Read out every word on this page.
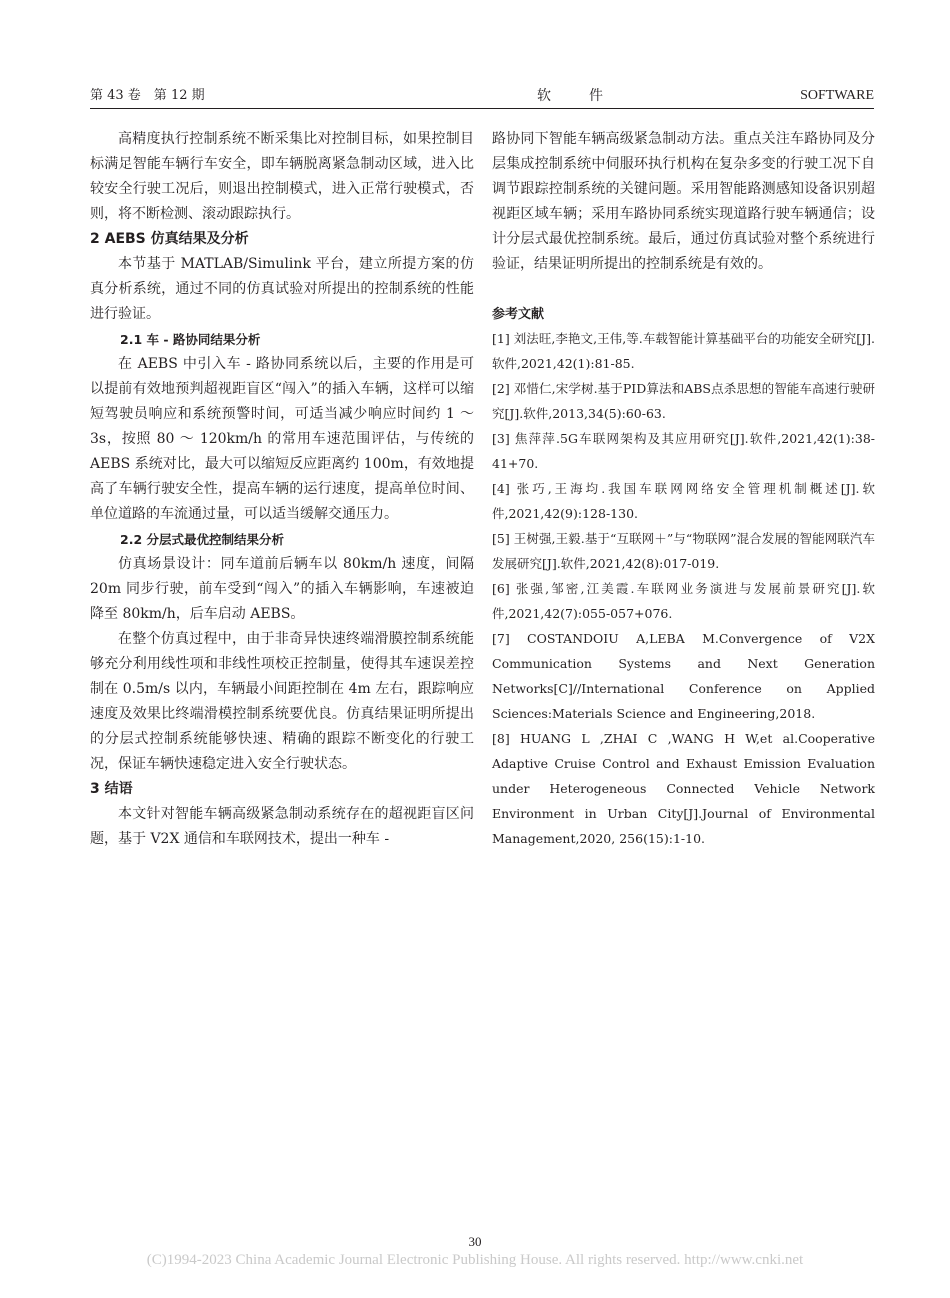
第 43 卷　第 12 期	软件	SOFTWARE

高精度执行控制系统不断采集比对控制目标，如果控制目标满足智能车辆行车安全，即车辆脱离紧急制动区域，进入比较安全行驶工况后，则退出控制模式，进入正常行驶模式，否则，将不断检测、滚动跟踪执行。

2 AEBS 仿真结果及分析

本节基于 MATLAB/Simulink 平台，建立所提方案的仿真分析系统，通过不同的仿真试验对所提出的控制系统的性能进行验证。

2.1 车 - 路协同结果分析

在 AEBS 中引入车 - 路协同系统以后，主要的作用是可以提前有效地预判超视距盲区“闯入”的插入车辆，这样可以缩短驾驶员响应和系统预警时间，可适当减少响应时间约 1 ～ 3s，按照 80 ～ 120km/h 的常用车速范围评估，与传统的 AEBS 系统对比，最大可以缩短反应距离约 100m，有效地提高了车辆行驶安全性，提高车辆的运行速度，提高单位时间、单位道路的车流通过量，可以适当缓解交通压力。

2.2 分层式最优控制结果分析

仿真场景设计：同车道前后辆车以 80km/h 速度，间隔 20m 同步行驶，前车受到“闯入”的插入车辆影响，车速被迫降至 80km/h，后车启动 AEBS。

在整个仿真过程中，由于非奇异快速终端滑膜控制系统能够充分利用线性项和非线性项校正控制量，使得其车速误差控制在 0.5m/s 以内，车辆最小间距控制在 4m 左右，跟踪响应速度及效果比终端滑模控制系统要优良。仿真结果证明所提出的分层式控制系统能够快速、精确的跟踪不断变化的行驶工况，保证车辆快速稳定进入安全行驶状态。

3 结语

本文针对智能车辆高级紧急制动系统存在的超视距盲区问题，基于 V2X 通信和车联网技术，提出一种车 -

路协同下智能车辆高级紧急制动方法。重点关注车路协同及分层集成控制系统中伺服环执行机构在复杂多变的行驶工况下自调节跟踪控制系统的关键问题。采用智能路测感知设备识别超视距区域车辆；采用车路协同系统实现道路行驶车辆通信；设计分层式最优控制系统。最后，通过仿真试验对整个系统进行验证，结果证明所提出的控制系统是有效的。

参考文献

[1] 刘法旺,李艳文,王伟,等.车载智能计算基础平台的功能安全研究[J].软件,2021,42(1):81-85.

[2] 邓惜仁,宋学树.基于PID算法和ABS点杀思想的智能车高速行驶研究[J].软件,2013,34(5):60-63.

[3] 焦萍萍.5G车联网架构及其应用研究[J].软件,2021,42(1):38-41+70.

[4] 张巧,王海均.我国车联网网络安全管理机制概述[J].软件,2021,42(9):128-130.

[5] 王树强,王毅.基于“互联网＋”与“物联网”混合发展的智能网联汽车发展研究[J].软件,2021,42(8):017-019.

[6] 张强,邹密,江美霞.车联网业务演进与发展前景研究[J].软件,2021,42(7):055-057+076.

[7] COSTANDOIU A,LEBA M.Convergence of V2X Communication Systems and Next Generation Networks[C]//International Conference on Applied Sciences:Materials Science and Engineering,2018.

[8] HUANG L ,ZHAI C ,WANG H W,et al.Cooperative Adaptive Cruise Control and Exhaust Emission Evaluation under Heterogeneous Connected Vehicle Network Environment in Urban City[J].Journal of Environmental Management,2020, 256(15):1-10.

30
(C)1994-2023 China Academic Journal Electronic Publishing House. All rights reserved. http://www.cnki.net
